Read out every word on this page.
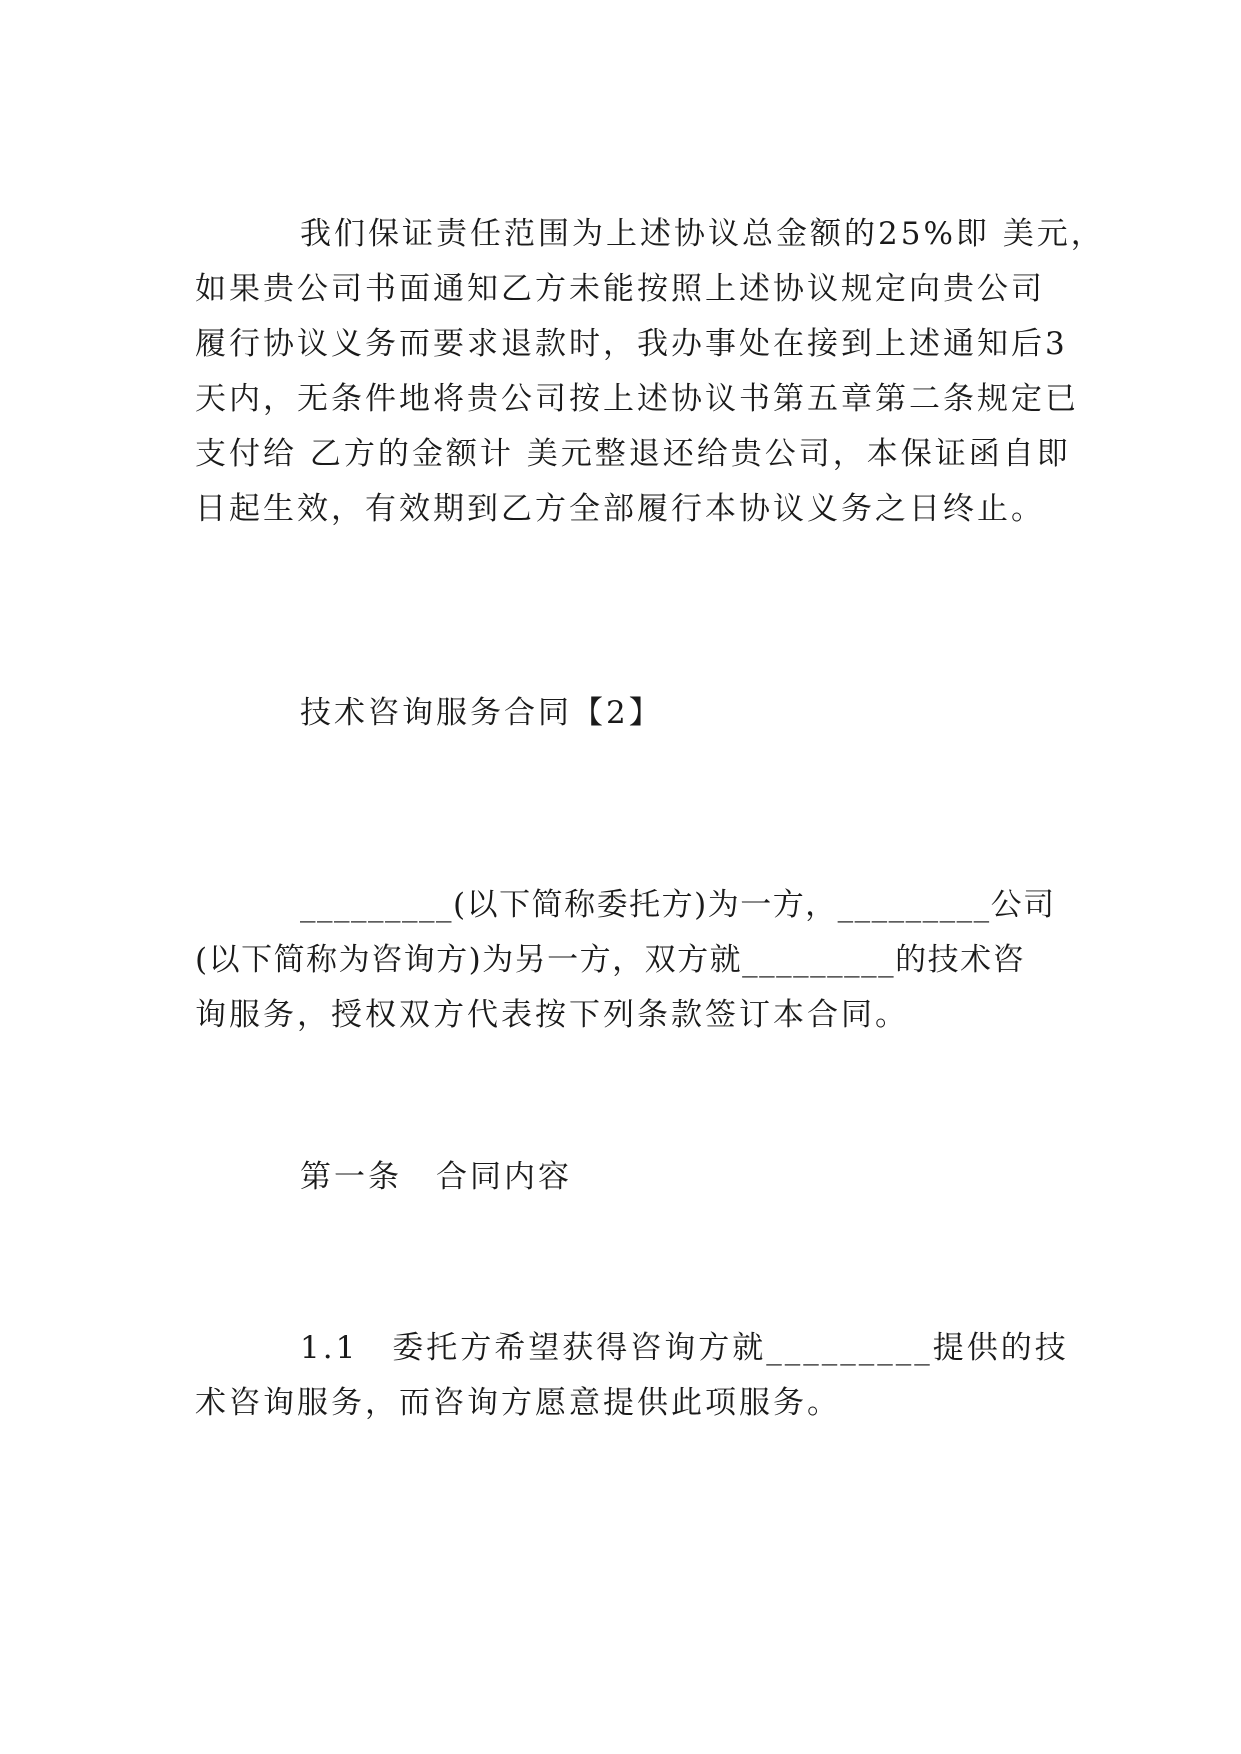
我们保证责任范围为上述协议总金额的25%即 美元，
如果贵公司书面通知乙方未能按照上述协议规定向贵公司
履行协议义务而要求退款时，我办事处在接到上述通知后3
天内，无条件地将贵公司按上述协议书第五章第二条规定已
支付给 乙方的金额计 美元整退还给贵公司，本保证函自即
日起生效，有效期到乙方全部履行本协议义务之日终止。
技术咨询服务合同【2】
_________(以下简称委托方)为一方，_________公司
(以下简称为咨询方)为另一方，双方就_________的技术咨
询服务，授权双方代表按下列条款签订本合同。
第一条　合同内容
1.1　委托方希望获得咨询方就_________提供的技
术咨询服务，而咨询方愿意提供此项服务。
